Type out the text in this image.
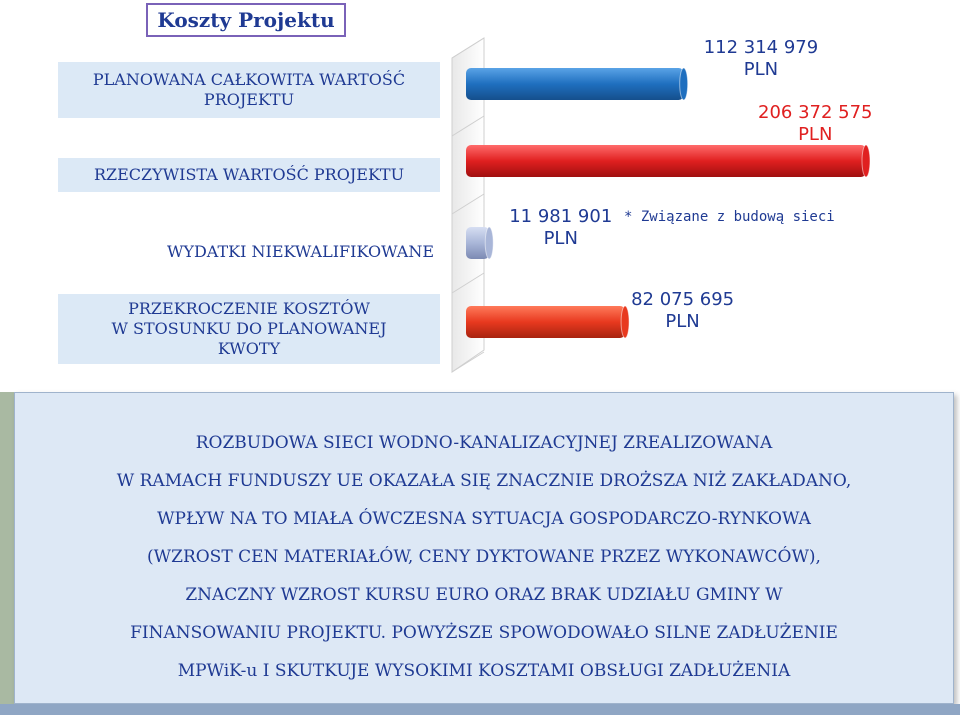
Koszty Projektu
PLANOWANA CAŁKOWITA WARTOŚĆ
PROJEKTU
RZECZYWISTA WARTOŚĆ PROJEKTU
WYDATKI NIEKWALIFIKOWANE
PRZEKROCZENIE KOSZTÓW
W STOSUNKU DO PLANOWANEJ
KWOTY
112 314 979
PLN
206 372 575
PLN
11 981 901
PLN
82 075 695
PLN
* Związane z budową sieci

ROZBUDOWA SIECI WODNO-KANALIZACYJNEJ ZREALIZOWANA

W RAMACH FUNDUSZY UE OKAZAŁA SIĘ ZNACZNIE DROŻSZA NIŻ ZAKŁADANO,

WPŁYW NA TO MIAŁA ÓWCZESNA SYTUACJA GOSPODARCZO-RYNKOWA

(WZROST CEN MATERIAŁÓW, CENY DYKTOWANE PRZEZ WYKONAWCÓW),

ZNACZNY WZROST KURSU EURO ORAZ BRAK UDZIAŁU GMINY W

FINANSOWANIU PROJEKTU. POWYŻSZE SPOWODOWAŁO SILNE ZADŁUŻENIE

MPWiK-u I SKUTKUJE WYSOKIMI KOSZTAMI OBSŁUGI ZADŁUŻENIA
